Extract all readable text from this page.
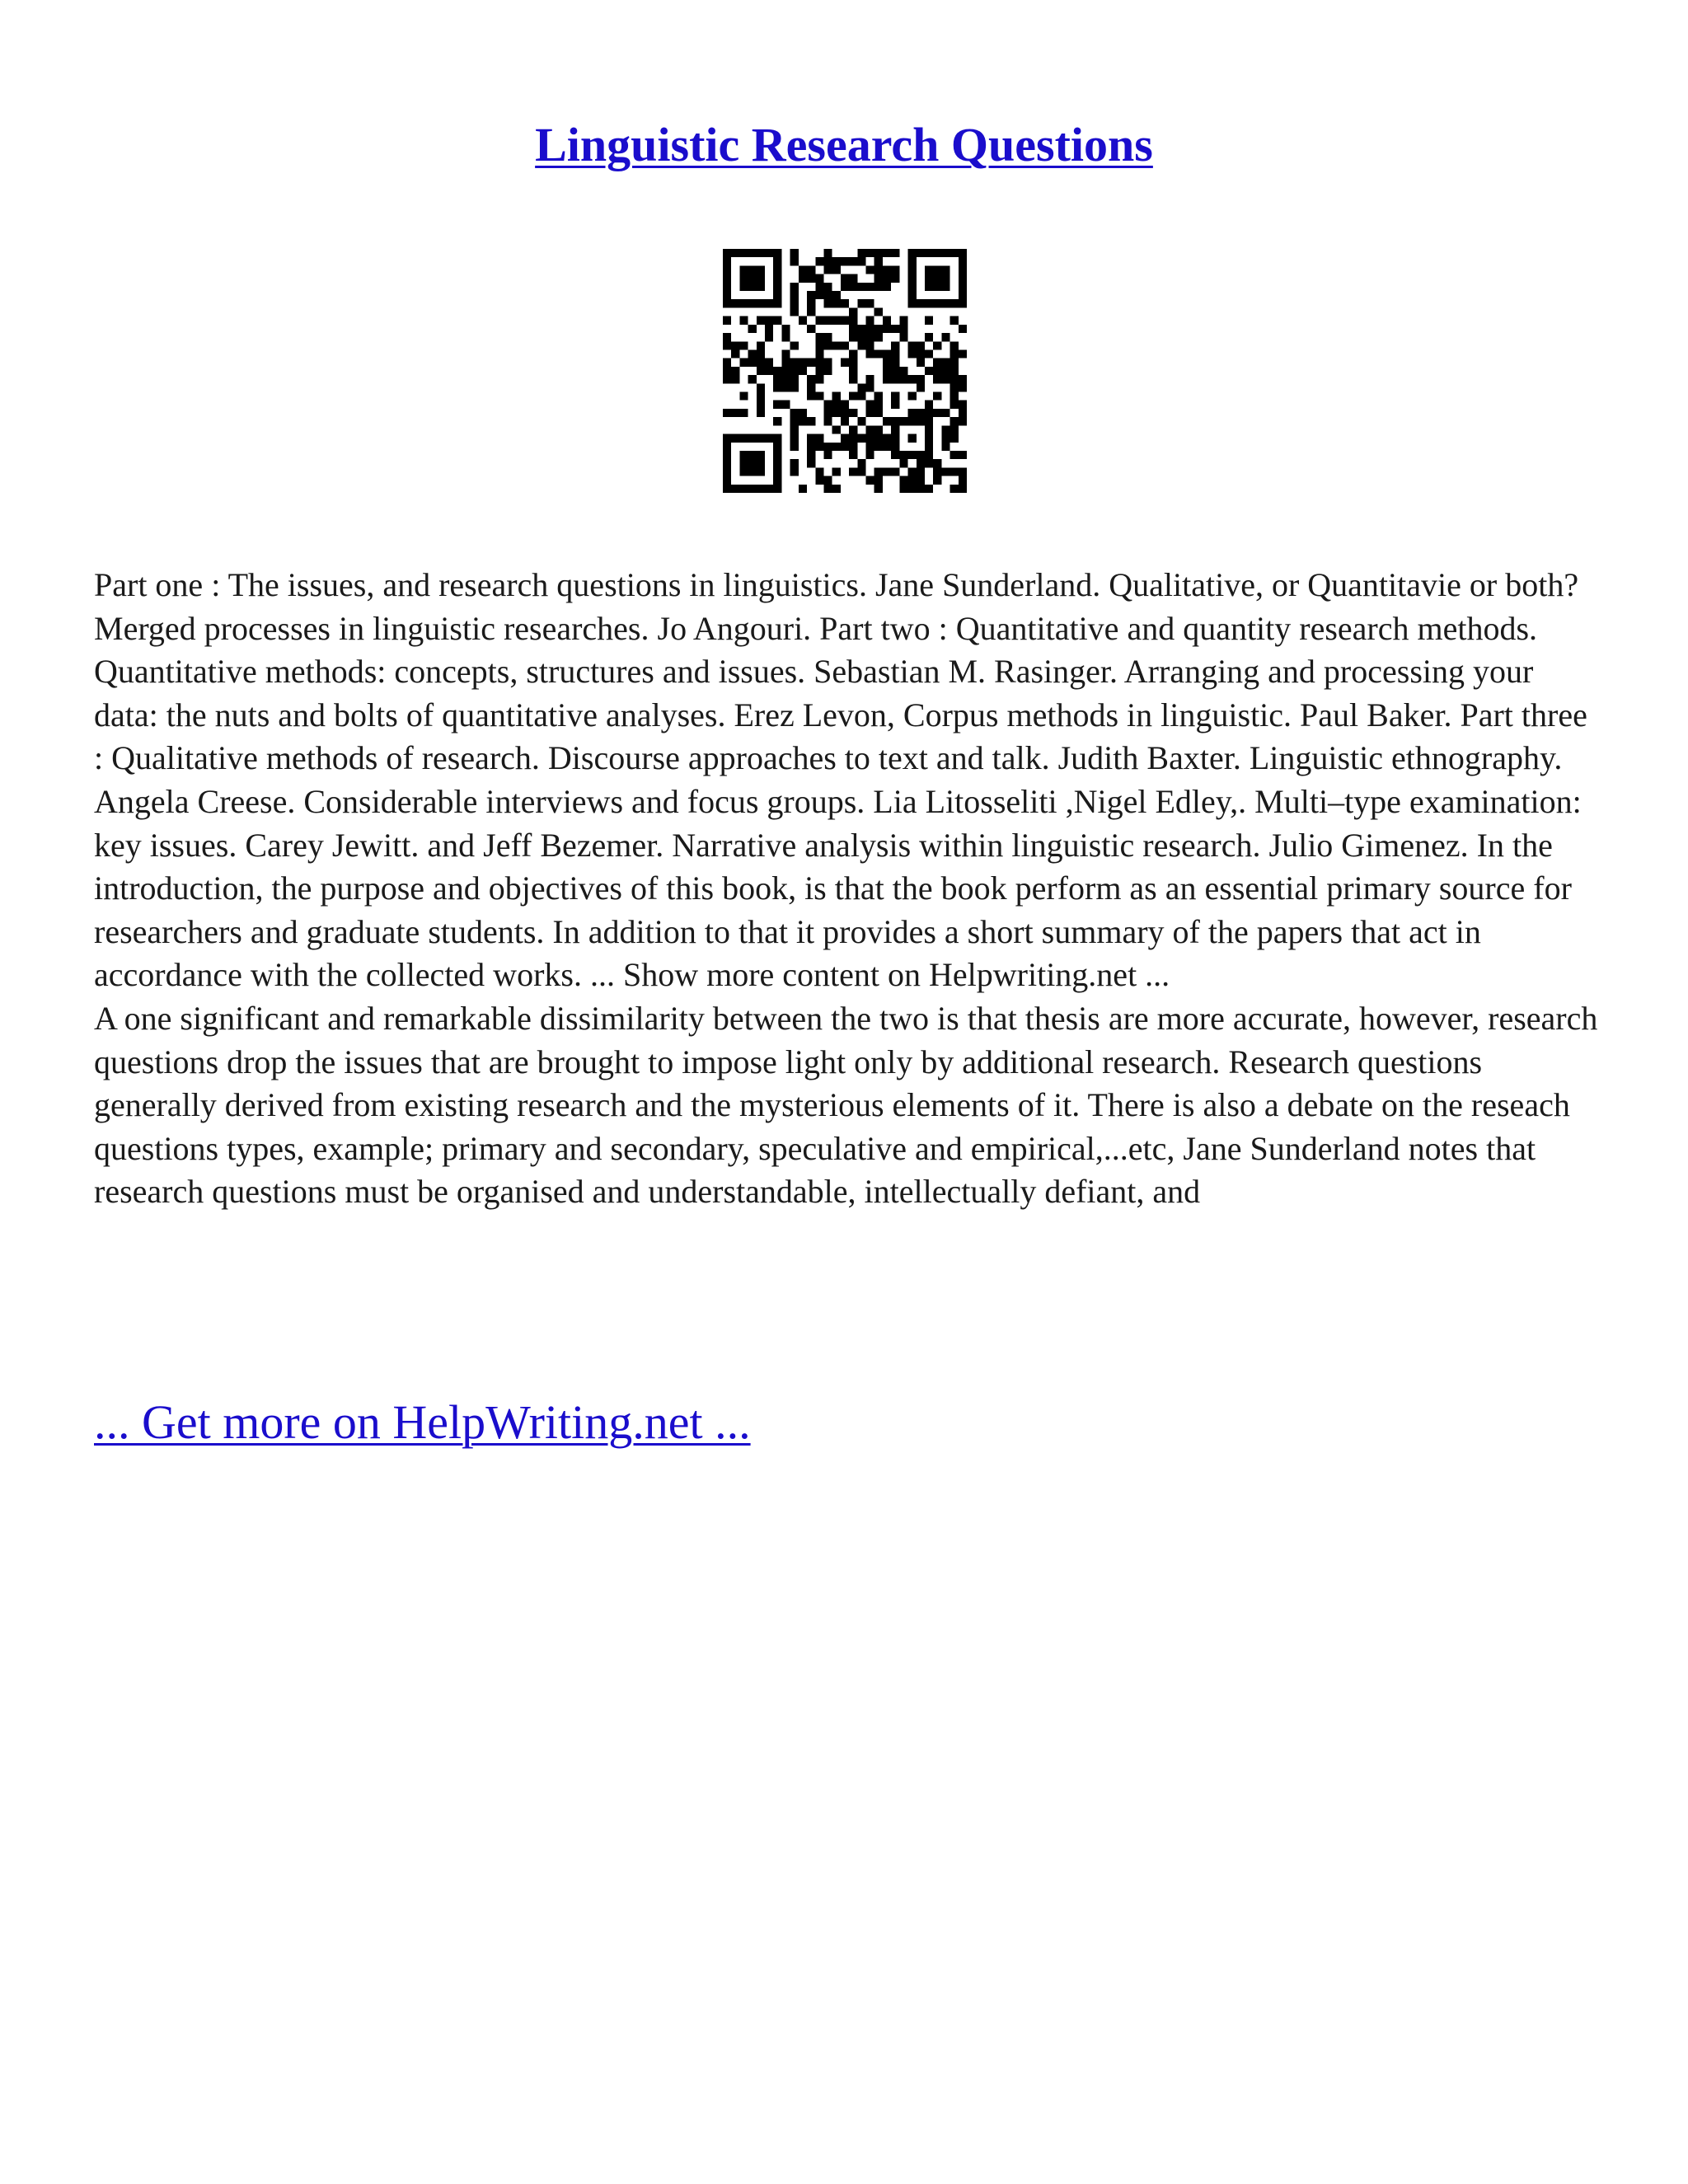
Linguistic Research Questions

Part one : The issues, and research questions in linguistics. Jane Sunderland. Qualitative, or Quantitavie or both? Merged processes in linguistic researches. Jo Angouri. Part two : Quantitative and quantity research methods. Quantitative methods: concepts, structures and issues. Sebastian M. Rasinger. Arranging and processing your data: the nuts and bolts of quantitative analyses. Erez Levon, Corpus methods in linguistic. Paul Baker. Part three : Qualitative methods of research. Discourse approaches to text and talk. Judith Baxter. Linguistic ethnography. Angela Creese. Considerable interviews and focus groups. Lia Litosseliti ,Nigel Edley,. Multi–type examination: key issues. Carey Jewitt. and Jeff Bezemer. Narrative analysis within linguistic research. Julio Gimenez. In the introduction, the purpose and objectives of this book, is that the book perform as an essential primary source for researchers and graduate students. In addition to that it provides a short summary of the papers that act in accordance with the collected works. ... Show more content on Helpwriting.net ...

A one significant and remarkable dissimilarity between the two is that thesis are more accurate, however, research questions drop the issues that are brought to impose light only by additional research. Research questions generally derived from existing research and the mysterious elements of it. There is also a debate on the reseach questions types, example; primary and secondary, speculative and empirical,...etc, Jane Sunderland notes that research questions must be organised and understandable, intellectually defiant, and

... Get more on HelpWriting.net ...
